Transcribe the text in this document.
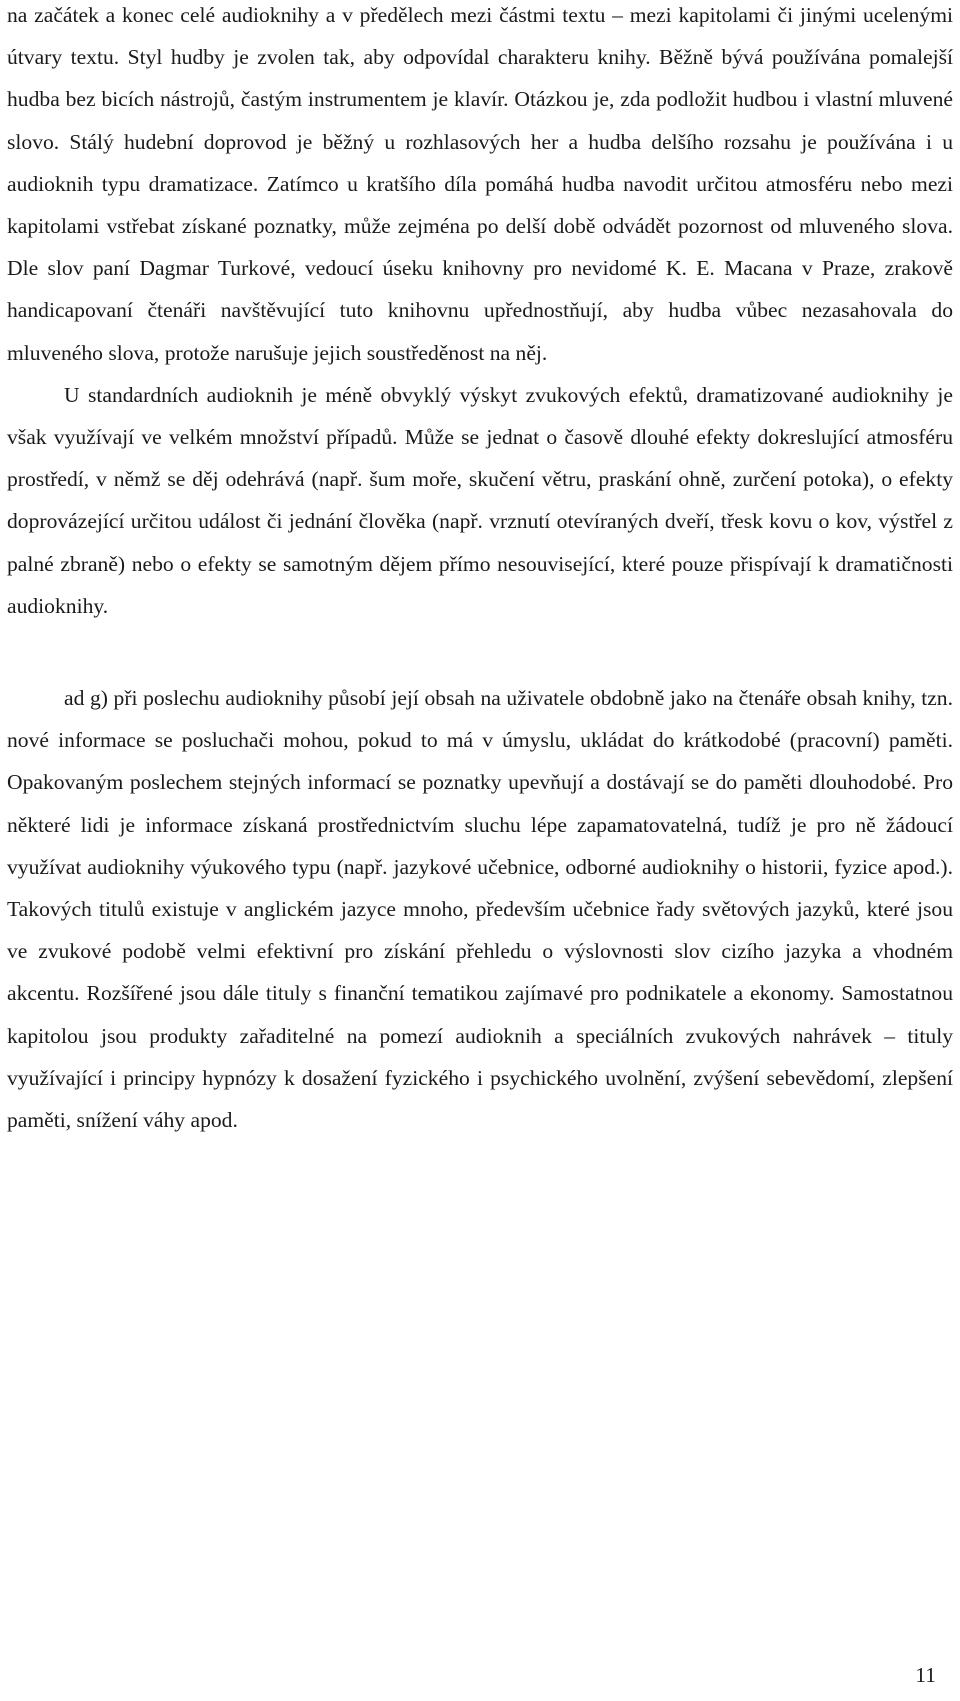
na začátek a konec celé audioknihy a v předělech mezi částmi textu – mezi kapitolami či jinými ucelenými útvary textu. Styl hudby je zvolen tak, aby odpovídal charakteru knihy. Běžně bývá používána pomalejší hudba bez bicích nástrojů, častým instrumentem je klavír. Otázkou je, zda podložit hudbou i vlastní mluvené slovo. Stálý hudební doprovod je běžný u rozhlasových her a hudba delšího rozsahu je používána i u audioknih typu dramatizace. Zatímco u kratšího díla pomáhá hudba navodit určitou atmosféru nebo mezi kapitolami vstřebat získané poznatky, může zejména po delší době odvádět pozornost od mluveného slova. Dle slov paní Dagmar Turkové, vedoucí úseku knihovny pro nevidomé K. E. Macana v Praze, zrakově handicapovaní čtenáři navštěvující tuto knihovnu upřednostňují, aby hudba vůbec nezasahovala do mluveného slova, protože narušuje jejich soustředěnost na něj.

U standardních audioknih je méně obvyklý výskyt zvukových efektů, dramatizované audioknihy je však využívají ve velkém množství případů. Může se jednat o časově dlouhé efekty dokreslující atmosféru prostředí, v němž se děj odehrává (např. šum moře, skučení větru, praskání ohně, zurčení potoka), o efekty doprovázející určitou událost či jednání člověka (např. vrznutí otevíraných dveří, třesk kovu o kov, výstřel z palné zbraně) nebo o efekty se samotným dějem přímo nesouvisející, které pouze přispívají k dramatičnosti audioknihy.

ad g) při poslechu audioknihy působí její obsah na uživatele obdobně jako na čtenáře obsah knihy, tzn. nové informace se posluchači mohou, pokud to má v úmyslu, ukládat do krátkodobé (pracovní) paměti. Opakovaným poslechem stejných informací se poznatky upevňují a dostávají se do paměti dlouhodobé. Pro některé lidi je informace získaná prostřednictvím sluchu lépe zapamatovatelná, tudíž je pro ně žádoucí využívat audioknihy výukového typu (např. jazykové učebnice, odborné audioknihy o historii, fyzice apod.). Takových titulů existuje v anglickém jazyce mnoho, především učebnice řady světových jazyků, které jsou ve zvukové podobě velmi efektivní pro získání přehledu o výslovnosti slov cizího jazyka a vhodném akcentu. Rozšířené jsou dále tituly s finanční tematikou zajímavé pro podnikatele a ekonomy. Samostatnou kapitolou jsou produkty zařaditelné na pomezí audioknih a speciálních zvukových nahrávek – tituly využívající i principy hypnózy k dosažení fyzického i psychického uvolnění, zvýšení sebevědomí, zlepšení paměti, snížení váhy apod.

11
